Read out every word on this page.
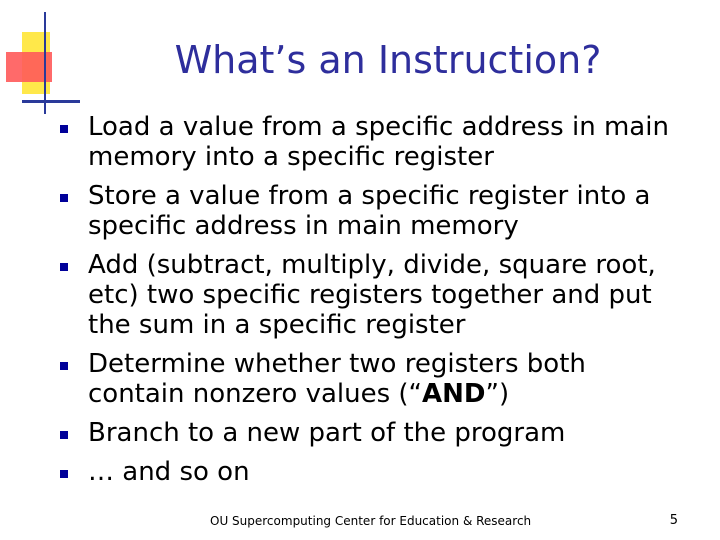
What’s an Instruction?
Load a value from a specific address in main memory into a specific register
Store a value from a specific register into a specific address in main memory
Add (subtract, multiply, divide, square root, etc) two specific registers together and put the sum in a specific register
Determine whether two registers both contain nonzero values (“AND”)
Branch to a new part of the program
… and so on
OU Supercomputing Center for Education & Research	5
